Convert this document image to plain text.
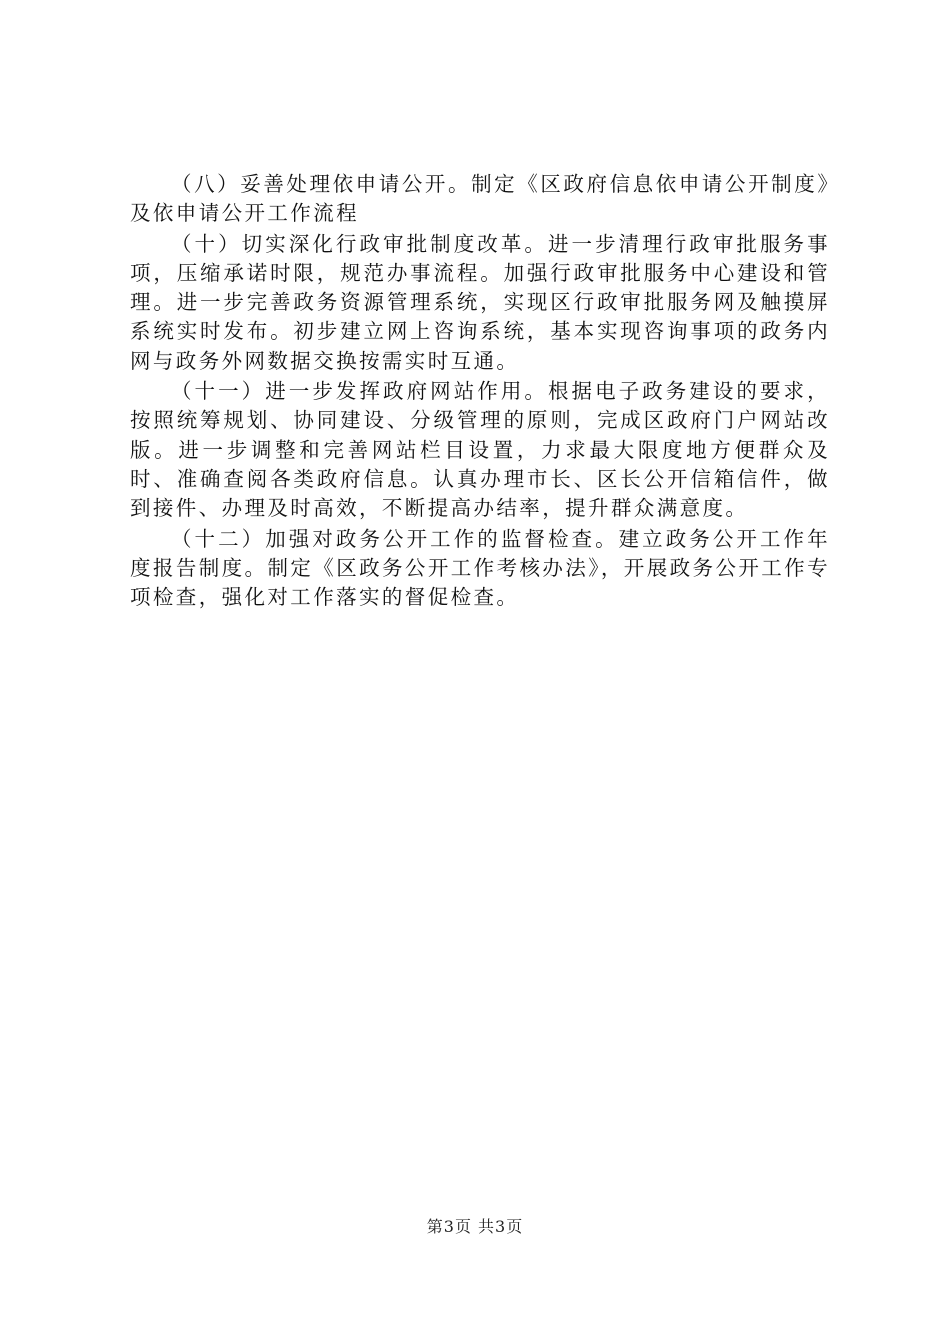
（八）妥善处理依申请公开。制定《区政府信息依申请公开制度》及依申请公开工作流程

（十）切实深化行政审批制度改革。进一步清理行政审批服务事项，压缩承诺时限，规范办事流程。加强行政审批服务中心建设和管理。进一步完善政务资源管理系统，实现区行政审批服务网及触摸屏系统实时发布。初步建立网上咨询系统，基本实现咨询事项的政务内网与政务外网数据交换按需实时互通。

（十一）进一步发挥政府网站作用。根据电子政务建设的要求，按照统筹规划、协同建设、分级管理的原则，完成区政府门户网站改版。进一步调整和完善网站栏目设置，力求最大限度地方便群众及时、准确查阅各类政府信息。认真办理市长、区长公开信箱信件，做到接件、办理及时高效，不断提高办结率，提升群众满意度。

（十二）加强对政务公开工作的监督检查。建立政务公开工作年度报告制度。制定《区政务公开工作考核办法》，开展政务公开工作专项检查，强化对工作落实的督促检查。

第3页 共3页
